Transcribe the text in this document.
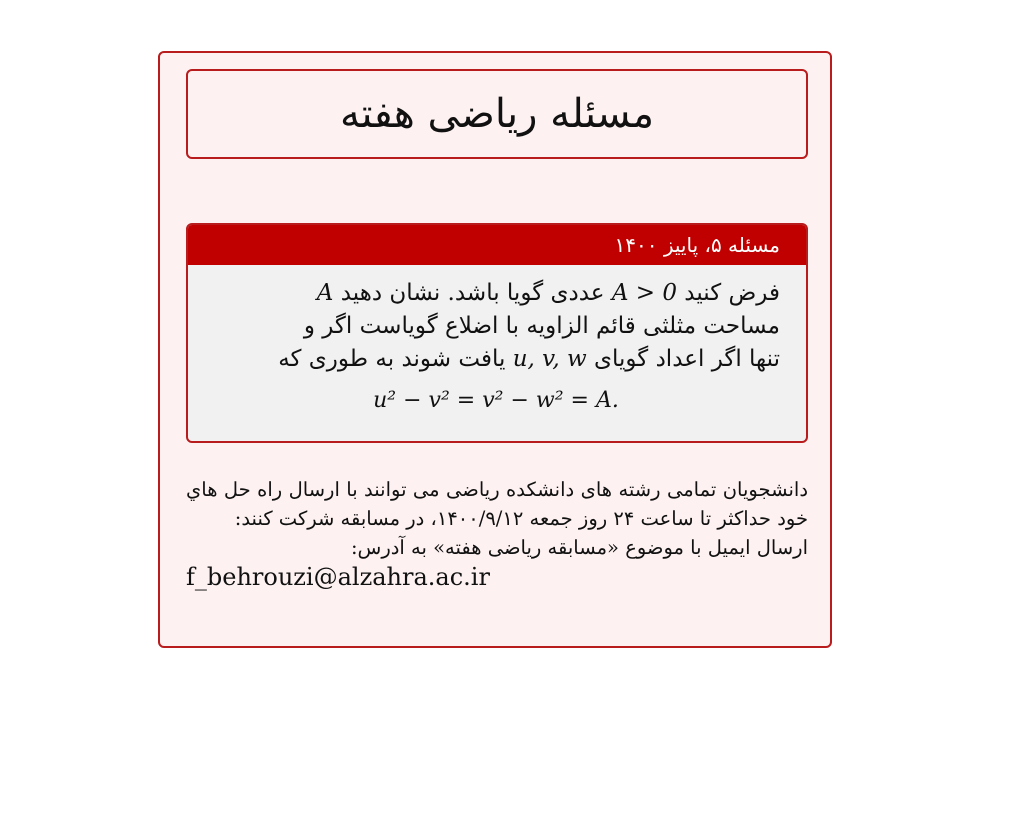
مسئله ریاضی هفته
مسئله ۵، پاییز ۱۴۰۰
فرض کنید A > 0 عددی گویا باشد. نشان دهید A
مساحت مثلثی قائم الزاویه با اضلاع گویاست اگر و
تنها اگر اعداد گویای u, v, w یافت شوند به طوری که
u² − v² = v² − w² = A.

دانشجویان تمامی رشته های دانشکده ریاضی می توانند با ارسال راه حل هاي خود حداکثر تا ساعت ۲۴ روز جمعه ۱۴۰۰/۹/۱۲، در مسابقه شرکت کنند:

ارسال ایمیل با موضوع «مسابقه ریاضی هفته» به آدرس:

f_behrouzi@alzahra.ac.ir
